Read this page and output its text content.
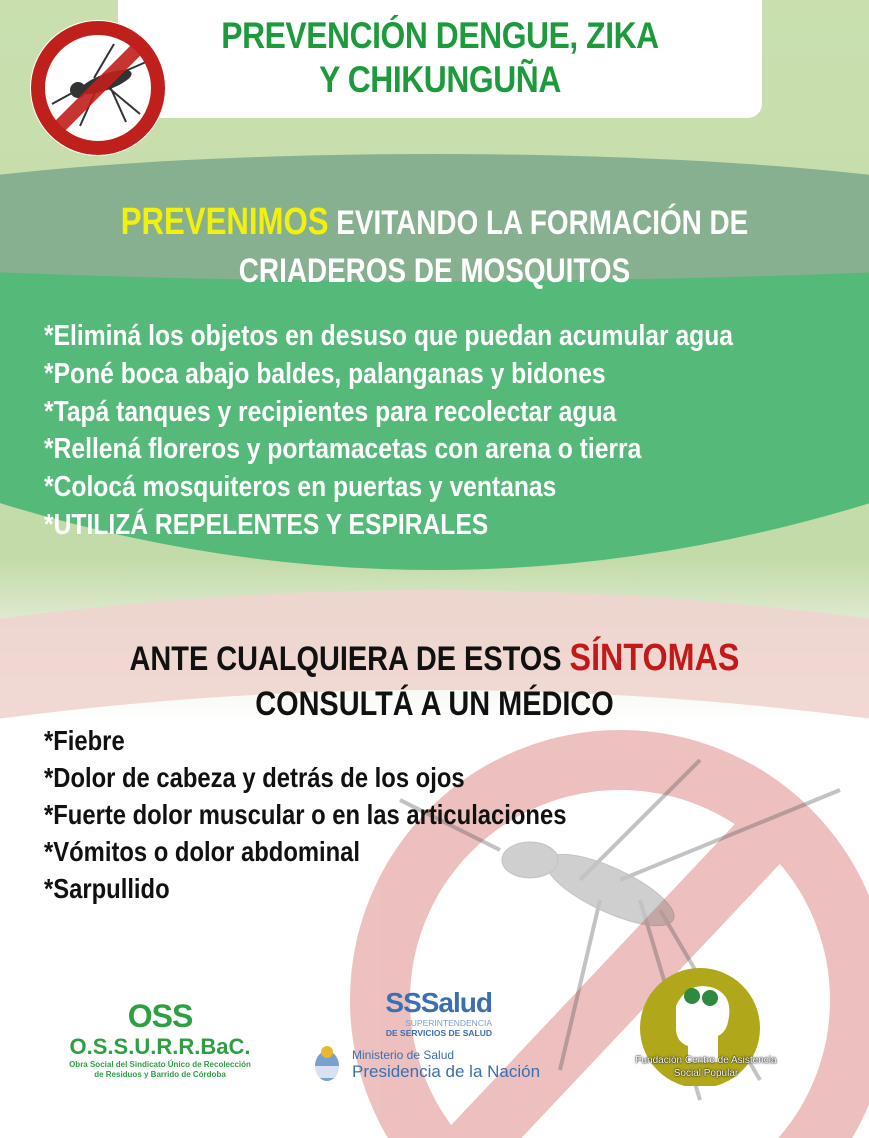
PREVENCIÓN DENGUE, ZIKA
Y CHIKUNGUÑA
PREVENIMOS EVITANDO LA FORMACIÓN DE
CRIADEROS DE MOSQUITOS
*Eliminá los objetos en desuso que puedan acumular agua
*Poné boca abajo baldes, palanganas y bidones
*Tapá tanques y recipientes para recolectar agua
*Rellená floreros y portamacetas con arena o tierra
*Colocá mosquiteros en puertas y ventanas
*UTILIZÁ REPELENTES Y ESPIRALES
ANTE CUALQUIERA DE ESTOS SÍNTOMAS
CONSULTÁ A UN MÉDICO
*Fiebre
*Dolor de cabeza y detrás de los ojos
*Fuerte dolor muscular o en las articulaciones
*Vómitos o dolor abdominal
*Sarpullido
OSS
O.S.S.U.R.R.BaC.
Obra Social del Sindicato Único de Recolección
de Residuos y Barrido de Córdoba
SSSalud
SUPERINTENDENCIA
DE SERVICIOS DE SALUD
Ministerio de Salud
Presidencia de la Nación
Fundación Centro de Asistencia
Social Popular
